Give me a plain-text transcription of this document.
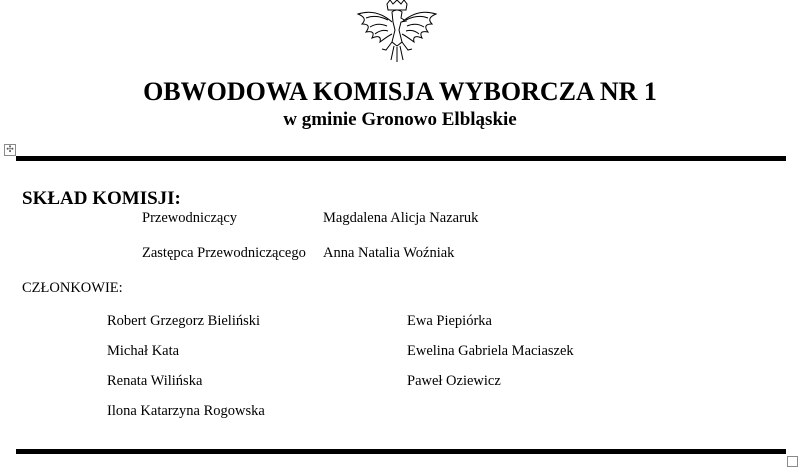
OBWODOWA KOMISJA WYBORCZA NR 1
w gminie Gronowo Elbląskie
✣
SKŁAD KOMISJI:
Przewodniczący	Magdalena Alicja Nazaruk
Zastępca Przewodniczącego Anna Natalia Woźniak
CZŁONKOWIE:
Robert Grzegorz Bieliński
Michał Kata
Renata Wilińska
Ilona Katarzyna Rogowska
Ewa Piepiórka
Ewelina Gabriela Maciaszek
Paweł Oziewicz
